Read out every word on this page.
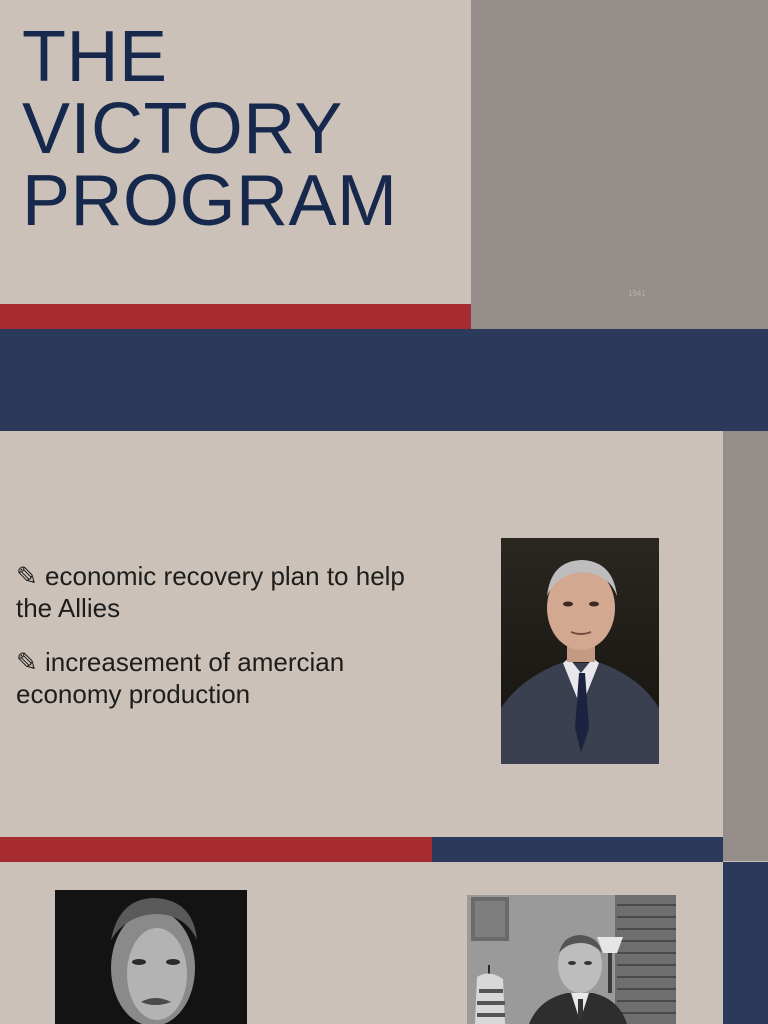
THE
VICTORY
PROGRAM
1941

✎ economic recovery plan to help the Allies

✎ increasement of amercian economy production
